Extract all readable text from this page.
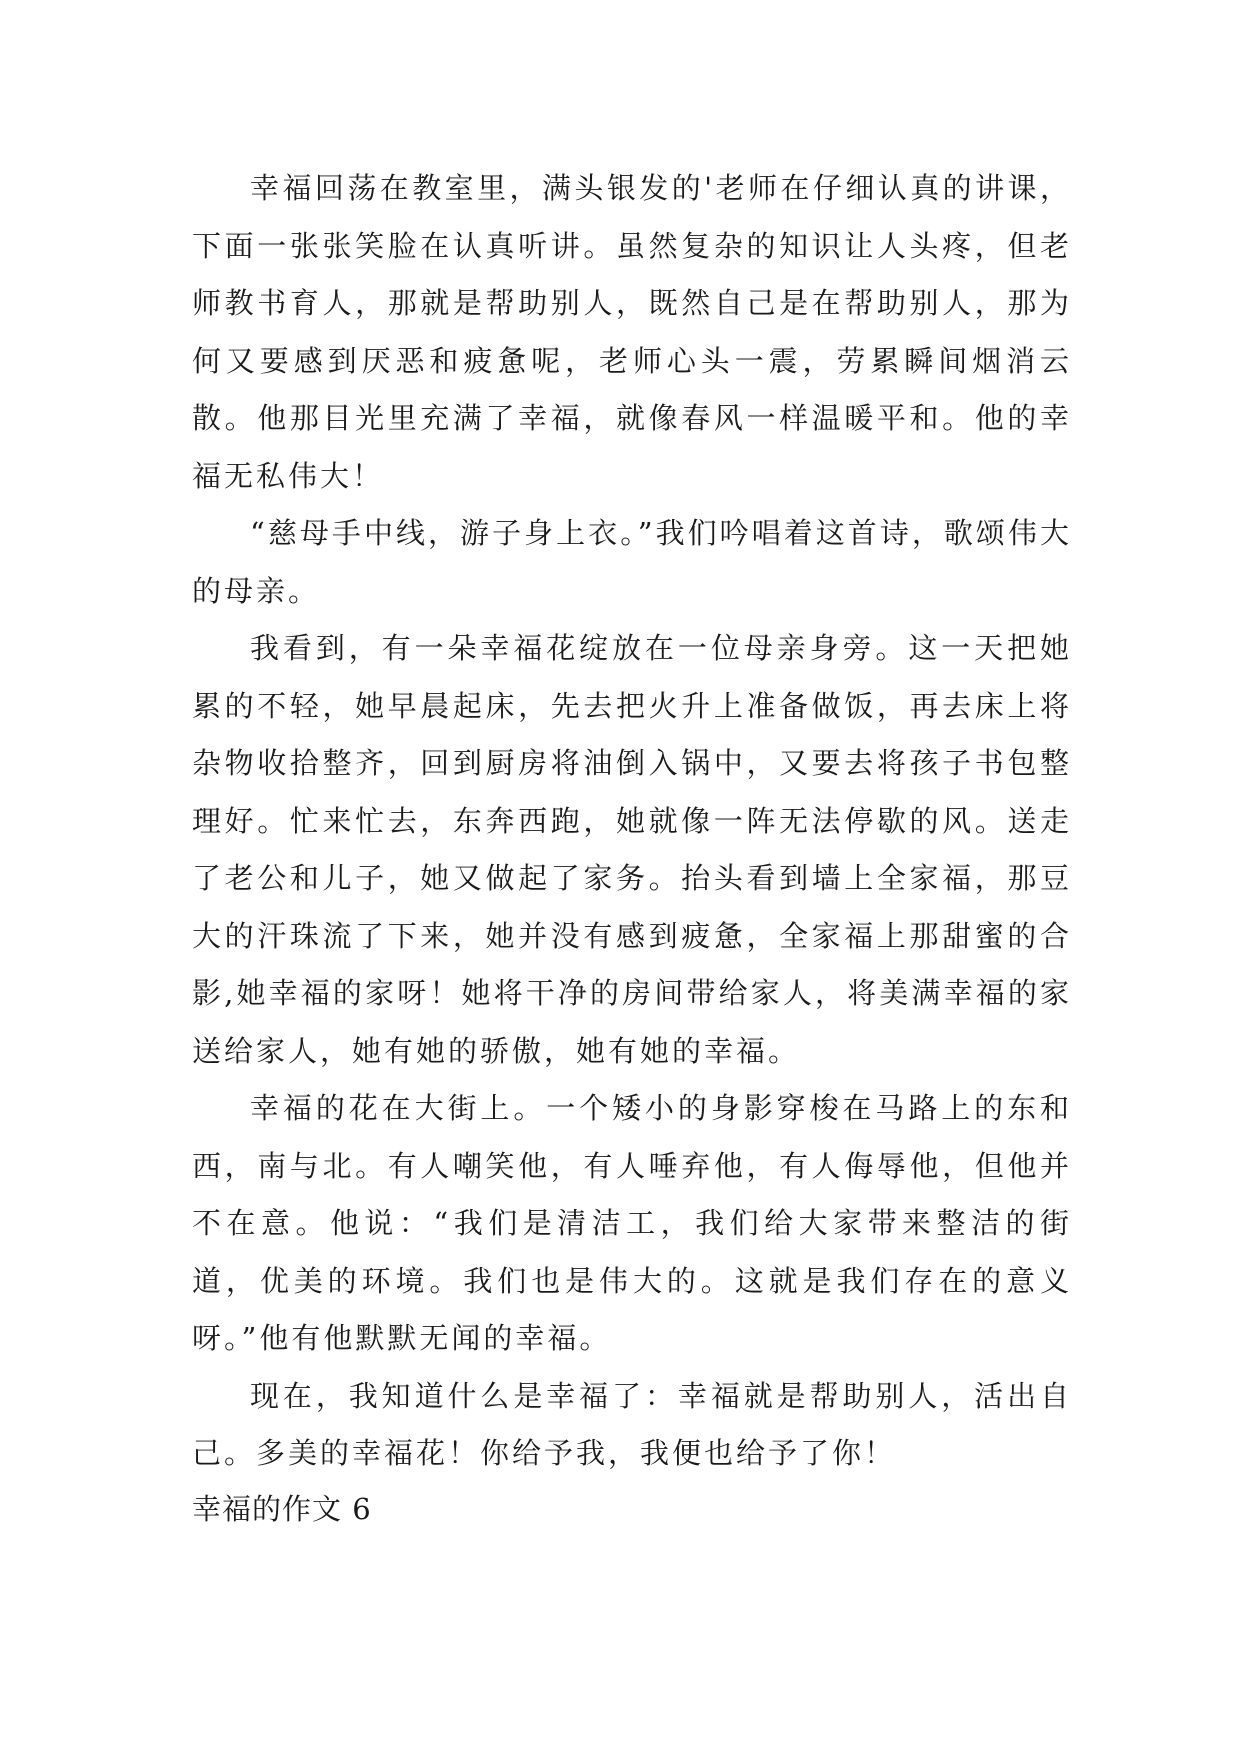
幸福回荡在教室里，满头银发的'老师在仔细认真的讲课，下面一张张笑脸在认真听讲。虽然复杂的知识让人头疼，但老师教书育人，那就是帮助别人，既然自己是在帮助别人，那为何又要感到厌恶和疲惫呢，老师心头一震，劳累瞬间烟消云散。他那目光里充满了幸福，就像春风一样温暖平和。他的幸福无私伟大！

“慈母手中线，游子身上衣。”我们吟唱着这首诗，歌颂伟大的母亲。

我看到，有一朵幸福花绽放在一位母亲身旁。这一天把她累的不轻，她早晨起床，先去把火升上准备做饭，再去床上将杂物收拾整齐，回到厨房将油倒入锅中，又要去将孩子书包整理好。忙来忙去，东奔西跑，她就像一阵无法停歇的风。送走了老公和儿子，她又做起了家务。抬头看到墙上全家福，那豆大的汗珠流了下来，她并没有感到疲惫，全家福上那甜蜜的合影,她幸福的家呀！她将干净的房间带给家人，将美满幸福的家送给家人，她有她的骄傲，她有她的幸福。

幸福的花在大街上。一个矮小的身影穿梭在马路上的东和西，南与北。有人嘲笑他，有人唾弃他，有人侮辱他，但他并不在意。他说：“我们是清洁工，我们给大家带来整洁的街道，优美的环境。我们也是伟大的。这就是我们存在的意义呀。”他有他默默无闻的幸福。

现在，我知道什么是幸福了：幸福就是帮助别人，活出自己。多美的幸福花！你给予我，我便也给予了你！

幸福的作文 6
